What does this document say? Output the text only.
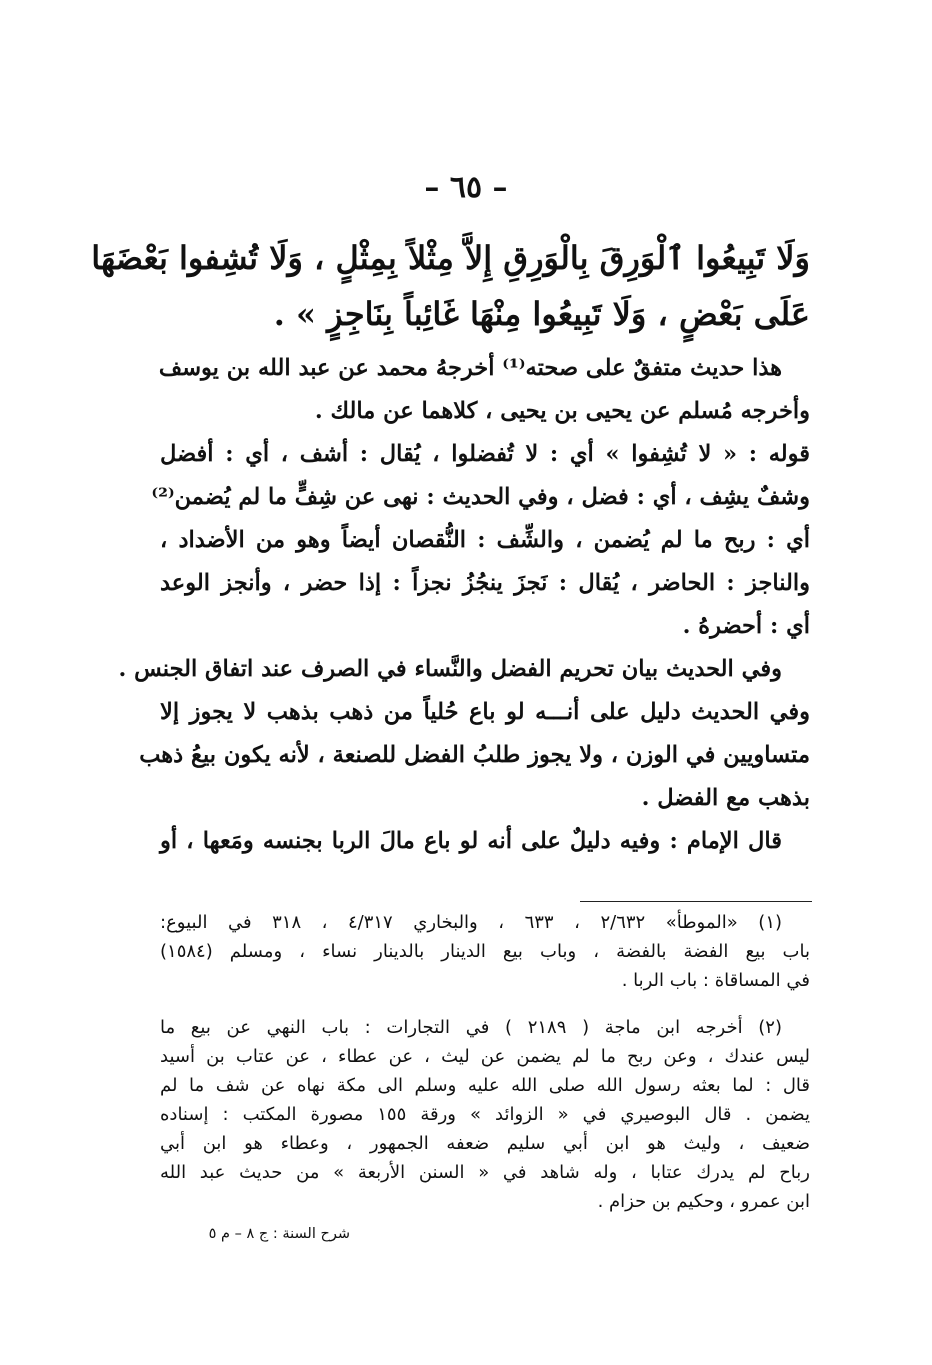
– ٦٥ –
وَلَا تَبِيعُوا ٱلْوَرِقَ بِالْوَرِقِ إِلاَّ مِثْلاً بِمِثْلٍ ، وَلَا تُشِفوا بَعْضَهَا
عَلَى بَعْضٍ ، وَلَا تَبِيعُوا مِنْهَا غَائِباً بِنَاجِزٍ » .
هذا حديث متفقٌ على صحته⁽¹⁾ أخرجهُ محمد عن عبد الله بن يوسف
وأخرجه مُسلم عن يحيى بن يحيى ، كلاهما عن مالك .
قوله : « لا تُشِفوا » أي : لا تُفضلوا ، يُقال : أشف ، أي : أفضل
وشفٌ يشِف ، أي : فضل ، وفي الحديث : نهى عن شِفٍّ ما لم يُضمن⁽²⁾
أي : ربح ما لم يُضمن ، والشِّف : النُّقصان أيضاً وهو من الأضداد ،
والناجز : الحاضر ، يُقال : نَجزَ ينجُزُ نجزاً : إذا حضر ، وأنجز الوعد
أي : أحضرهُ .
وفي الحديث بيان تحريم الفضل والنَّساء في الصرف عند اتفاق الجنس .
وفي الحديث دليل على أنـــه لو باع حُلياً من ذهب بذهب لا يجوز إلا
متساويين في الوزن ، ولا يجوز طلبُ الفضل للصنعة ، لأنه يكون بيعُ ذهب
بذهب مع الفضل .
قال الإمام : وفيه دليلٌ على أنه لو باع مالَ الربا بجنسه ومَعها ، أو
(١) «الموطأ» ٢/٦٣٢ ، ٦٣٣ ، والبخاري ٤/٣١٧ ، ٣١٨ في البيوع:
باب بيع الفضة بالفضة ، وباب بيع الدينار بالدينار نساء ، ومسلم (١٥٨٤)
في المساقاة : باب الربا .
(٢) أخرجه ابن ماجة ( ٢١٨٩ ) في التجارات : باب النهي عن بيع ما
ليس عندك ، وعن ربح ما لم يضمن عن ليث ، عن عطاء ، عن عتاب بن أسيد
قال : لما بعثه رسول الله صلى الله عليه وسلم الى مكة نهاه عن شف ما لم
يضمن . قال البوصيري في « الزوائد » ورقة ١٥٥ مصورة المكتب : إسناده
ضعيف ، وليث هو ابن أبي سليم ضعفه الجمهور ، وعطاء هو ابن أبي
رباح لم يدرك عتابا ، وله شاهد في « السنن الأربعة » من حديث عبد الله
ابن عمرو ، وحكيم بن حزام .
شرح السنة : ج ٨ – م ٥
